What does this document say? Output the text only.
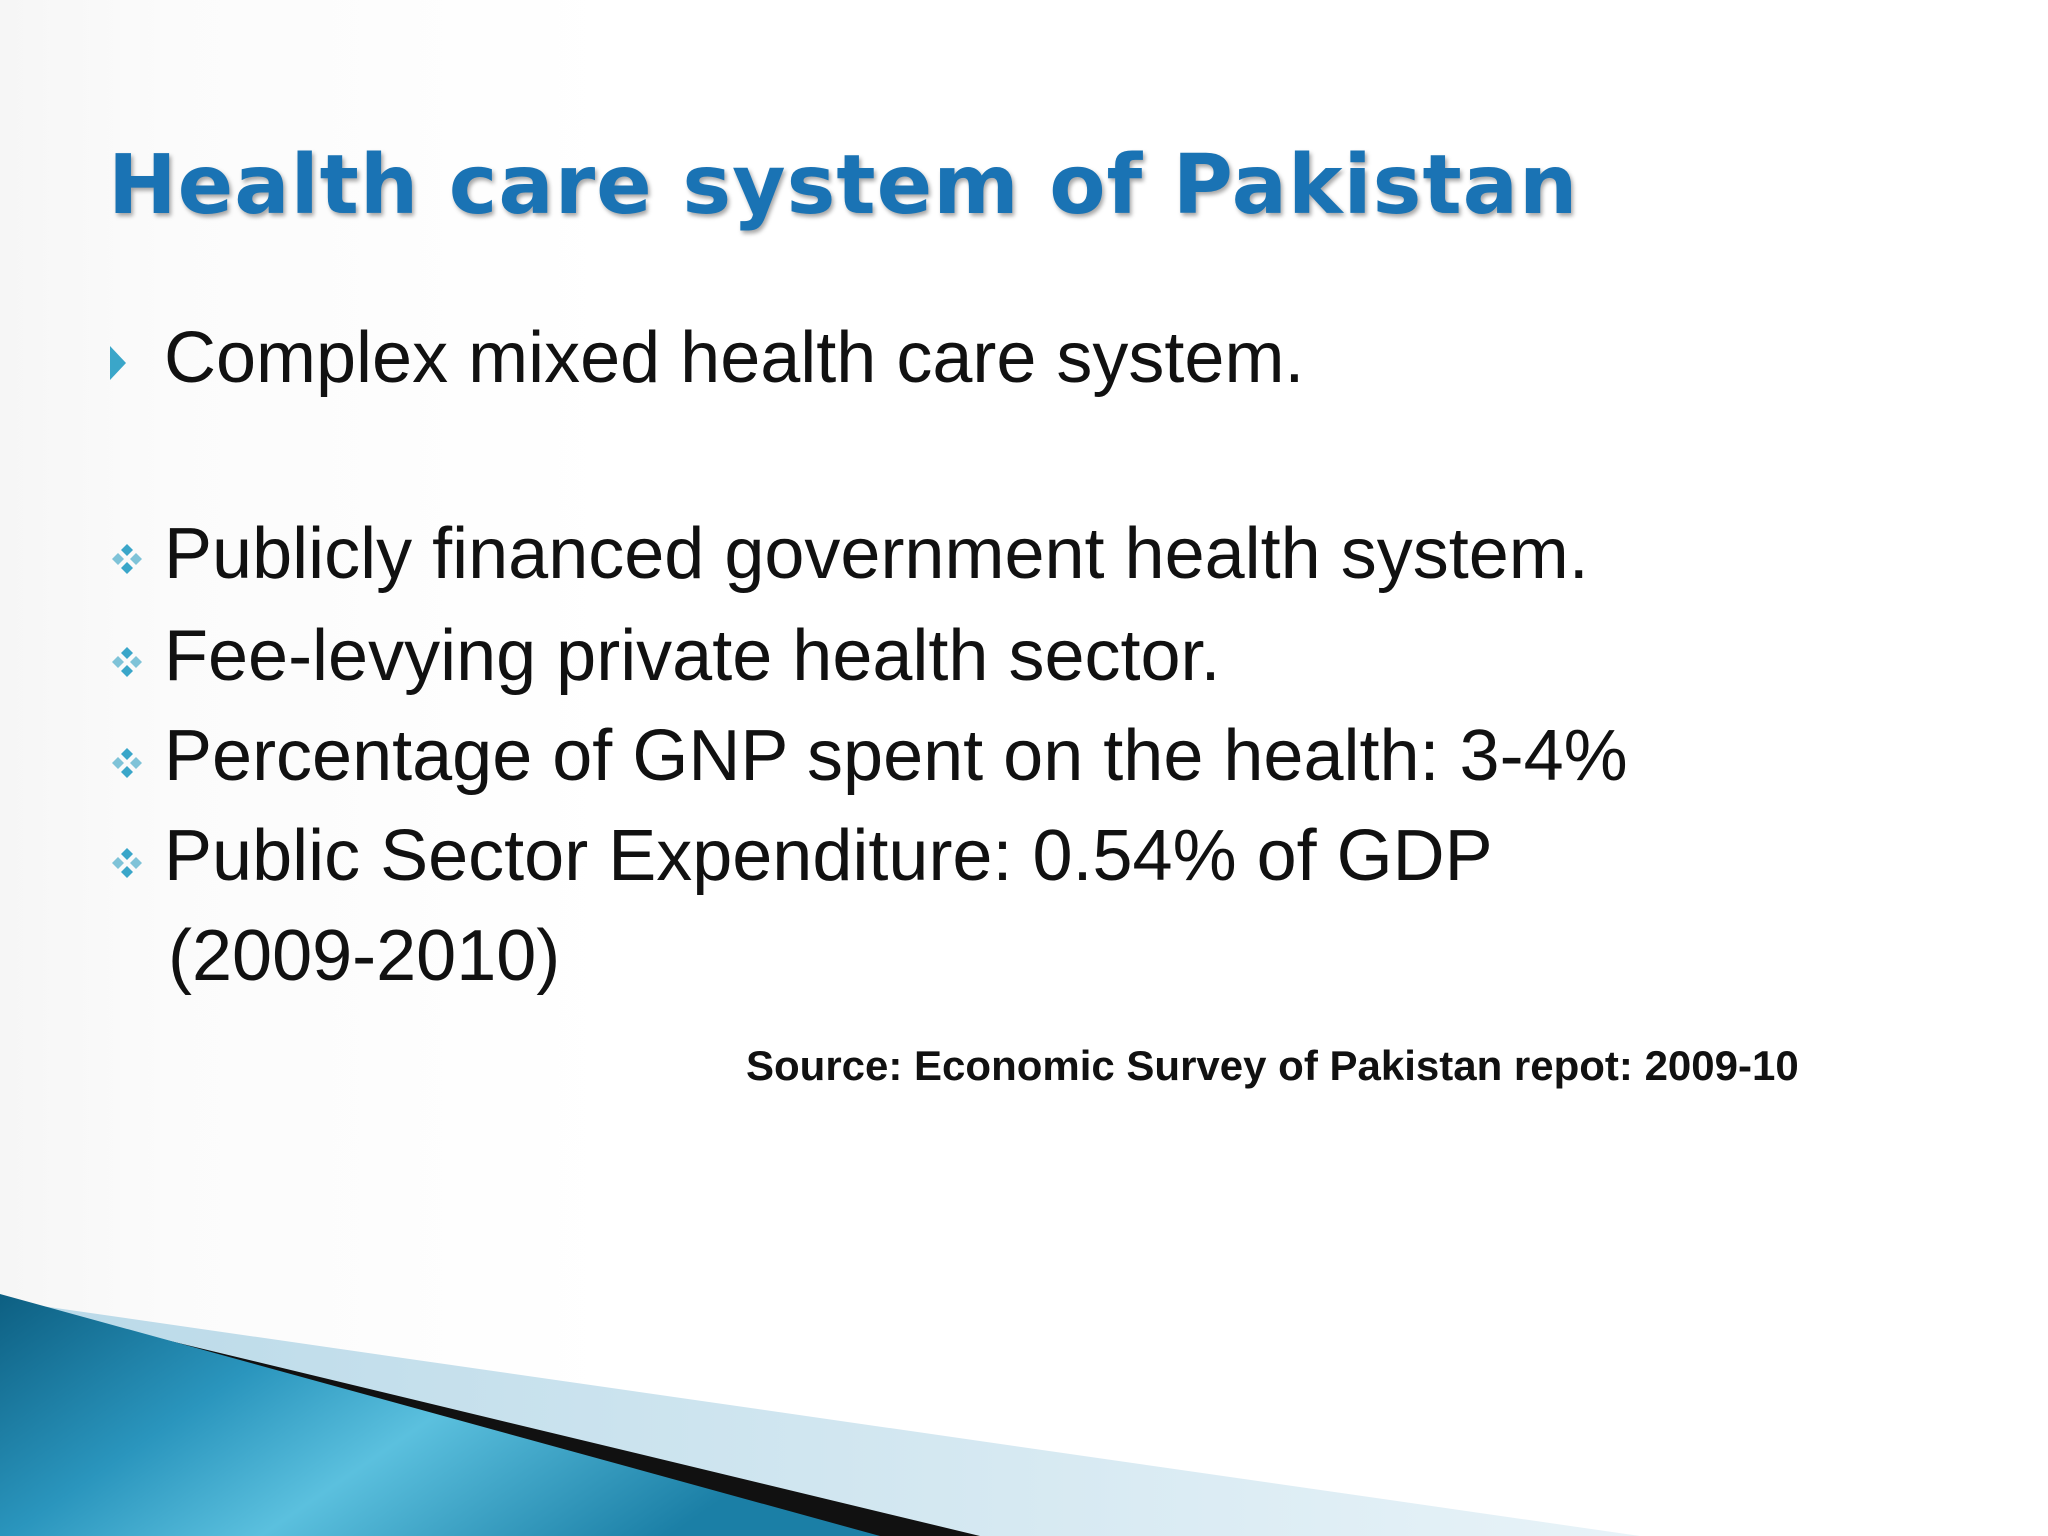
Health care system of Pakistan
Complex mixed health care system.
Publicly financed government health system.
Fee-levying private health sector.
Percentage of GNP spent on the health: 3-4%
Public Sector Expenditure: 0.54% of GDP
(2009-2010)
Source: Economic Survey of Pakistan repot: 2009-10
